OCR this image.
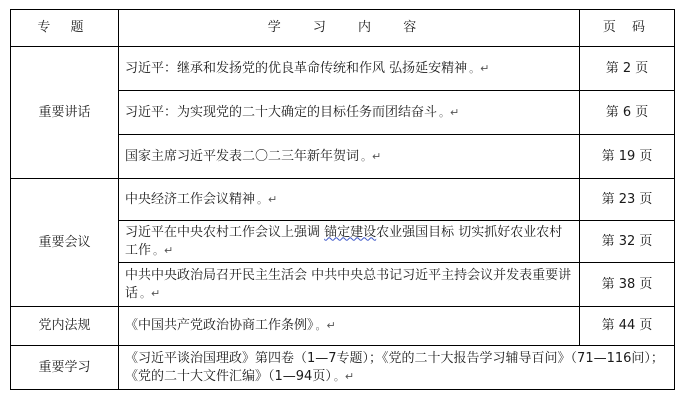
专 题	学 习 内 容	页 码
重要讲话	习近平：继承和发扬党的优良革命传统和作风 弘扬延安精神 。↵	第 2 页
	习近平：为实现党的二十大确定的目标任务而团结奋斗 。↵	第 6 页
	国家主席习近平发表二〇二三年新年贺词 。↵	第 19 页
重要会议	中央经济工作会议精神 。↵	第 23 页
	习近平在中央农村工作会议上强调 锚定建设农业强国目标 切实抓好农业农村工作 。↵	第 32 页
	中共中央政治局召开民主生活会 中共中央总书记习近平主持会议并发表重要讲话 。↵	第 38 页
党内法规	《中国共产党政治协商工作条例》 。↵	第 44 页
重要学习	《习近平谈治国理政》第四卷（1—7专题）；《党的二十大报告学习辅导百问》（71—116问）；《党的二十大文件汇编》（1—94页） 。↵	
